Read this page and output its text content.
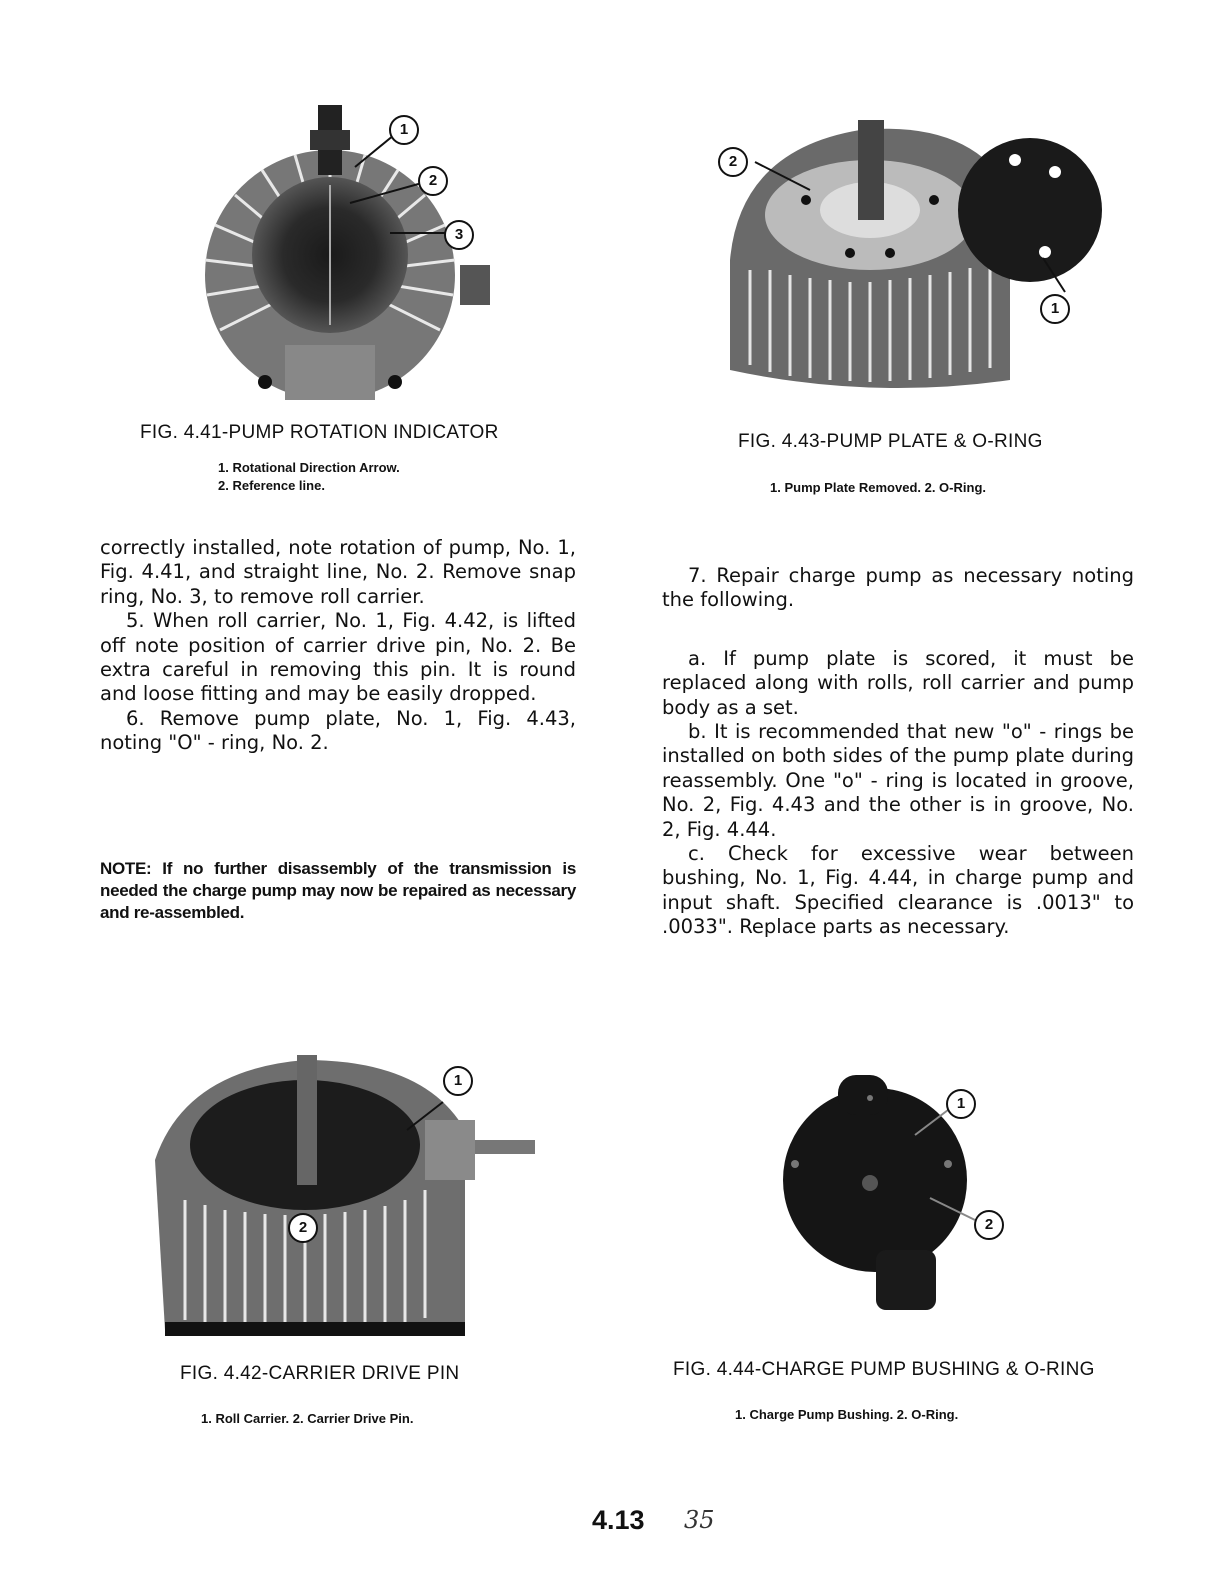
1
2
3
FIG. 4.41-PUMP ROTATION INDICATOR
1. Rotational Direction Arrow.
2. Reference line.
2
1
FIG. 4.43-PUMP PLATE & O-RING
1. Pump Plate Removed. 2. O-Ring.

correctly installed, note rotation of pump, No. 1, Fig. 4.41, and straight line, No. 2. Remove snap ring, No. 3, to remove roll carrier.

5. When roll carrier, No. 1, Fig. 4.42, is lifted off note position of carrier drive pin, No. 2. Be extra careful in removing this pin. It is round and loose fitting and may be easily dropped.

6. Remove pump plate, No. 1, Fig. 4.43, noting "O" - ring, No. 2.

NOTE: If no further disassembly of the transmission is needed the charge pump may now be repaired as necessary and re-assembled.

7. Repair charge pump as necessary noting the following.

a. If pump plate is scored, it must be replaced along with rolls, roll carrier and pump body as a set.

b. It is recommended that new "o" - rings be installed on both sides of the pump plate during reassembly. One "o" - ring is located in groove, No. 2, Fig. 4.43 and the other is in groove, No. 2, Fig. 4.44.

c. Check for excessive wear between bushing, No. 1, Fig. 4.44, in charge pump and input shaft. Specified clearance is .0013" to .0033". Replace parts as necessary.

1
2
FIG. 4.42-CARRIER DRIVE PIN
1. Roll Carrier. 2. Carrier Drive Pin.
1
2
FIG. 4.44-CHARGE PUMP BUSHING & O-RING
1. Charge Pump Bushing. 2. O-Ring.
4.13 35
